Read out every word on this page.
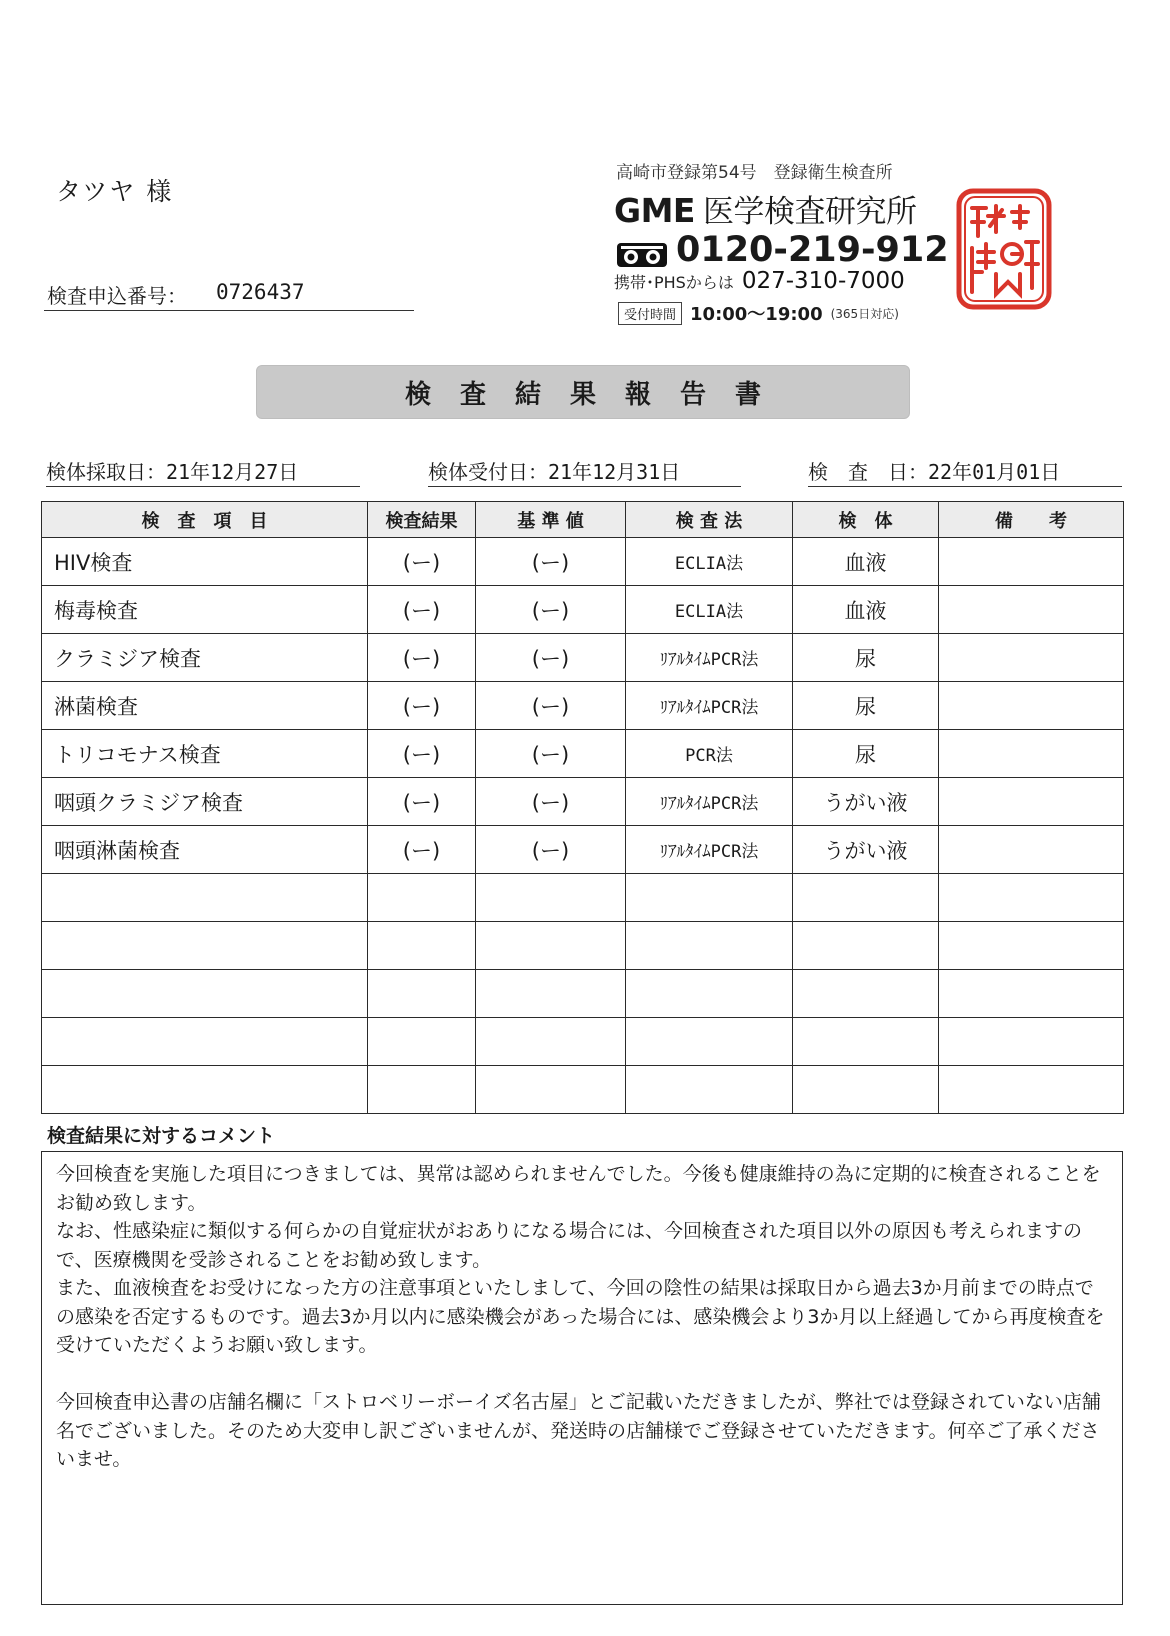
タツヤ 様
検査申込番号： 0726437
高崎市登録第54号　登録衛生検査所
GME 医学検査研究所
0120-219-912
携帯･PHSからは 027-310-7000
受付時間 10:00〜19:00 (365日対応)
検査結果報告書
検体採取日：21年12月27日	検体受付日：21年12月31日	検　査　日：22年01月01日
検　査　項　目	検査結果	基 準 値	検 査 法	検　体	備　　考
HIV検査	(ー)	(ー)	ECLIA法	血液	
梅毒検査	(ー)	(ー)	ECLIA法	血液	
クラミジア検査	(ー)	(ー)	ﾘｱﾙﾀｲﾑPCR法	尿	
淋菌検査	(ー)	(ー)	ﾘｱﾙﾀｲﾑPCR法	尿	
トリコモナス検査	(ー)	(ー)	PCR法	尿	
咽頭クラミジア検査	(ー)	(ー)	ﾘｱﾙﾀｲﾑPCR法	うがい液	
咽頭淋菌検査	(ー)	(ー)	ﾘｱﾙﾀｲﾑPCR法	うがい液	

検査結果に対するコメント
今回検査を実施した項目につきましては、異常は認められませんでした。今後も健康維持の為に定期的に検査されることをお勧め致します。
なお、性感染症に類似する何らかの自覚症状がおありになる場合には、今回検査された項目以外の原因も考えられますので、医療機関を受診されることをお勧め致します。
また、血液検査をお受けになった方の注意事項といたしまして、今回の陰性の結果は採取日から過去3か月前までの時点での感染を否定するものです。過去3か月以内に感染機会があった場合には、感染機会より3か月以上経過してから再度検査を受けていただくようお願い致します。

今回検査申込書の店舗名欄に「ストロベリーボーイズ名古屋」とご記載いただきましたが、弊社では登録されていない店舗名でございました。そのため大変申し訳ございませんが、発送時の店舗様でご登録させていただきます。何卒ご了承くださいませ。
